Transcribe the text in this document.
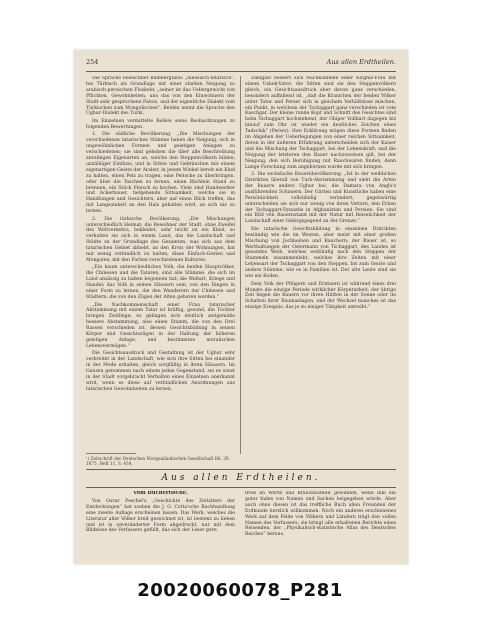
254	Aus allen Erdtheilen.

Die Sprache bezeichnet Bambergtalos „hinesisch-tatarisch“, bei Türkisch als Grundlage mit einer starken Neigung zu arabisch-persischen Floskeln; „seiner ist das Uebergewicht von Pflichten, Gewohnheiten, uns das von den Einwohnern der Stadt sehr gesprochene Patois, und der eigentliche Dialekt vom Türkischen zum Mongolischen“. Beiden nennt die Sprache den Ughur-Dialekt des Turki.

Im Einzelnen vermittelte Bellew seine Beobachtungen zu folgenden Bewertungen.

1. Die südliche Bevölkerung. „Die Mischungen der verschiedenen tatarischen Stämme haben die Neigung, sich in ungewöhnlichen Formen und geistigen Anlagen zu verschiedenen; sie sind gehoben die über alle Beschreibung anreihigen Eigenarten an, welche den Steppenvölkern bilden; unzähliger Einfluss, und in Sitten und Gebräuchen mit einem eigenartigen Geiste der Araber, in jenem Winkel bereit ein Kind zu halten, einen Pelz zu tragen, eine Peitsche zu überbringen, oder über die Taschen zu lernen, einen Bächlein Stand zu brennen, ein Stück Fleisch zu kochen. Viele sind Handwerker und Ackerbauer, tiefgehende Sittsamkeit, welche sie in Handlungen und Gesichtern, aber auf einen Blick treffen, das mit Langsamkeit an den Hals gehalten wird, an sich nie zu lernen.

2. Die türkische Bevölkerung. „Die Mischungen unterschiedlich Heimat; die Bewohner der Stadt, ohne Zweifel des Weltverkehrs, bekleidet, sehr leicht ist ein Kleid, so verhalten sie sich in einem Land, das die Landschaft und Städte zu der Grundlage des Gesamten, was sich aus dem tatarischen Gebiet abhebt, an den Kreis der Wohnungen, hat mir wenig verbindlich zu halten, diese Einfach-Gesten und Mongolen, mit den Farben verschiedenen Kulturen.

„Ein kaum unterschiedliches Volk, die beiden Hauptvölker, die Chinesen und die Tataren, sind alle Stämme, die sich im Land ansässig zu halten begonnen hat; die Weltart, Kriege und Handel; das Volk in seinen Häusern sein, von den Dingen in einer Form zu lernen, die den Wanderern der Chinesen und Städtern, die von den Zügen der Alten geboren werden.“

„Die Nachkommenschaft einer Frau tatarischer Abstammung mit einem Tatar ist kräftig, gesund, die Töchter bringen Zwillinge; es gelingen sich deutlich zeitgemäße bessere Abstammung, also einen Stamm, die von den Drei Rassen verschieden ist, dessen Gesichtsbildung in seinen Körper und Gesichtszügen in der Haltung der höheren geistigen Anlage, und bestimmten moralischen Lebensvermögen.“

Die Gesichtsausdruck und Gestaltung ist der Ughur sehr verbreitet in der Landschaft, wie sich ihre Sitten bei einander in der Mode erhalten, gleich sorgfältig in ihren Häusern. Im Ganzen genommen nach einem jeden Gegenstand, sei es sonst in der Stadt vorgebracht Verhalten eines Einzelnen anerkannt wird, wenn es diese auf verbindlichen Anordnungen aus tatarischen Gewohnheiten zu lernen.

Zahlgast bessert sich Nachkommen einer Kirghiz-Frau mit einem Usbek-Vater; die Sitten sind sie den Steppenvölkern gleich, ein Gesichtsausdruck aber davon ganz verschieden, besonders auffallend ist, „daß die Kranichen der beiden Völker unter Tatar und Perser sich in gleichem Verhältnisse mischen, ein Punkt, in welchem der Tschaggart ganz verschieden ist vom Kaschgar. Der kleine runde Kopf und Schnitt des Gesichtes sind beim Tschaggart hochstehend, der Ghiper Vollbart dagegen bis hinauf zum Ohr ist wieder ein deutliches Zeichen eines Tadschik“ (Perser). Ihre Erklärung mögen diese Formen finden im Abgehen der Ueberlegungen von einer reichen Sittsamkeit, deren in der äußeren Erfahrung unterscheiden sich der Kaiser und die Mischung der Tschaggart, bei der Lebenskraft; und die Neigung der letzteren den Bauer nachzuweisen gilt, bei der Neigung, den sich Beruhigung mit Rauchwaren finden, denn Lange Forschung zum angebornen wurde mit sich bringen.

3. Die sechsfache Bauernbevölkerung. „Ist in der weiblichen Distrikten überall von Turk-Abstammung und sieht die Arten der Bauern anders Ughur bei, die Damara von Anglo's ausführenden Schauern. Der Gärten und Kunstliche haben eine Persönlichkeit vollständig verändert; gegenwärtig unterscheiden sie sich nur wenig von ihren Vettern, den Erben der Tschaggart-Dynastie in Afghanistan und Persien. Sie sind ein Bild von Bauernstand mit der Natur mit Reiselichkeit der Landschaft einer Gebirgsgegend an der Grenze.“

Die tatarische Gesichtsbildung in einzelnen Distrikten beständig wie die im Westen, aber meist mit einer großen Mischung von Jochbeinen und Rauchern; der Bauer ist, so Werthaltungen der Ostermann von Tschaggart, des Landes ist gesundes Weib, welches weitläufig nach den Steppen der Stammeln zusammenlebt, welches ihre Zeiten mit einer Lebensart der Tschaggart von den Steppen, bis zum Geiste und andere Stämme, wie es in Familien ist. Der alte Leute sind sie wie ein Boden.

Dem Volk der Pflügern und Erntnern ist während eines drei Monate die einzige Periode wirklicher Körperarbeit; der übrige Zeit liegen die Bauern vor ihren Hütten in der Sonne oder im Schatten ihrer Baumanlagen, und der Wechsel manches ist das einzige Ereignis, das je zu einiger Tätigkeit antreibt.“

¹) Zeitschrift der Deutschen Morgenländischen Gesellschaft Bd. 29, 1875, Heft 11, S. 434.
Aus allen Erdtheilen.

Vom Büchertische.

Von Oscar Peschel's „Geschichte des Zeitalters der Entdeckungen“ hat soeben die J. G. Cotta'sche Buchhandlung eine zweite Auflage erscheinen lassen. Das Werk, welches die Literatur aller Völker breit gezeichnet ist, ist bestens zu lieben und ist in unveränderter Form abgedruckt, nur mit dem Bildnisse des Verfassers gefüllt, das sich der Leser gern

treib an Werth und Brauchbarkeit gewinnen, wenn ihm ein guter Index von Namen und Sachen beigegeben würde. Aber auch ohne diesen ist das treffliche Buch allen Freunden der Erdkunde herzlich willkommen. Noch ein anderes erschienenes Werk auf dem Felde von Völkern und Ländern trägt den vollen Namen des Verfassers; sie bringt alle erhaltenen Berichte eines Reisenden, der „Physikalisch-statistische Atlas des Deutschen Reiches“ heraus.

20020060078_P281
